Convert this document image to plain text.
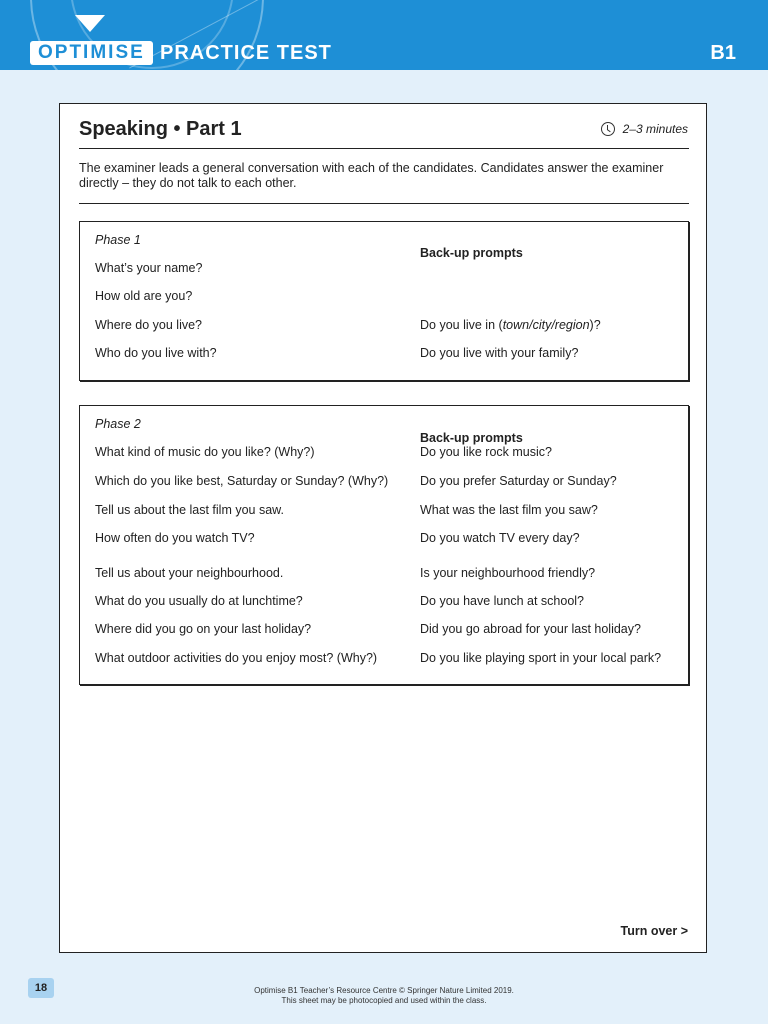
OPTIMISE PRACTICE TEST	B1
Speaking • Part 1	2–3 minutes
The examiner leads a general conversation with each of the candidates. Candidates answer the examiner directly – they do not talk to each other.
Phase 1
Back-up prompts
What’s your name?
How old are you?
Where do you live?	Do you live in (town/city/region)?
Who do you live with?	Do you live with your family?
Phase 2
Back-up prompts
What kind of music do you like? (Why?)	Do you like rock music?
Which do you like best, Saturday or Sunday? (Why?)	Do you prefer Saturday or Sunday?
Tell us about the last film you saw.	What was the last film you saw?
How often do you watch TV?	Do you watch TV every day?
Tell us about your neighbourhood.	Is your neighbourhood friendly?
What do you usually do at lunchtime?	Do you have lunch at school?
Where did you go on your last holiday?	Did you go abroad for your last holiday?
What outdoor activities do you enjoy most? (Why?)	Do you like playing sport in your local park?
Turn over >
18	Optimise B1 Teacher’s Resource Centre © Springer Nature Limited 2019.
This sheet may be photocopied and used within the class.
